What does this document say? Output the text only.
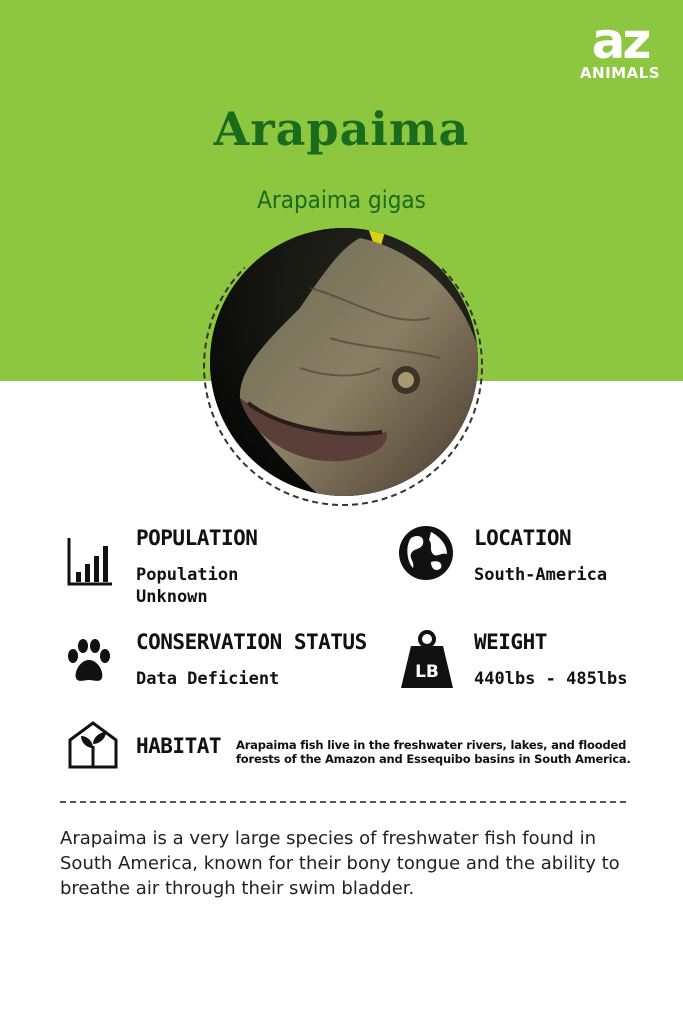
az
ANIMALS
Arapaima
Arapaima gigas
POPULATION
Population Unknown
LOCATION
South-America
CONSERVATION STATUS
Data Deficient	LB
WEIGHT
440lbs - 485lbs
HABITAT Arapaima fish live in the freshwater rivers, lakes, and flooded forests of the Amazon and Essequibo basins in South America.

Arapaima is a very large species of freshwater fish found in South America, known for their bony tongue and the ability to breathe air through their swim bladder.
